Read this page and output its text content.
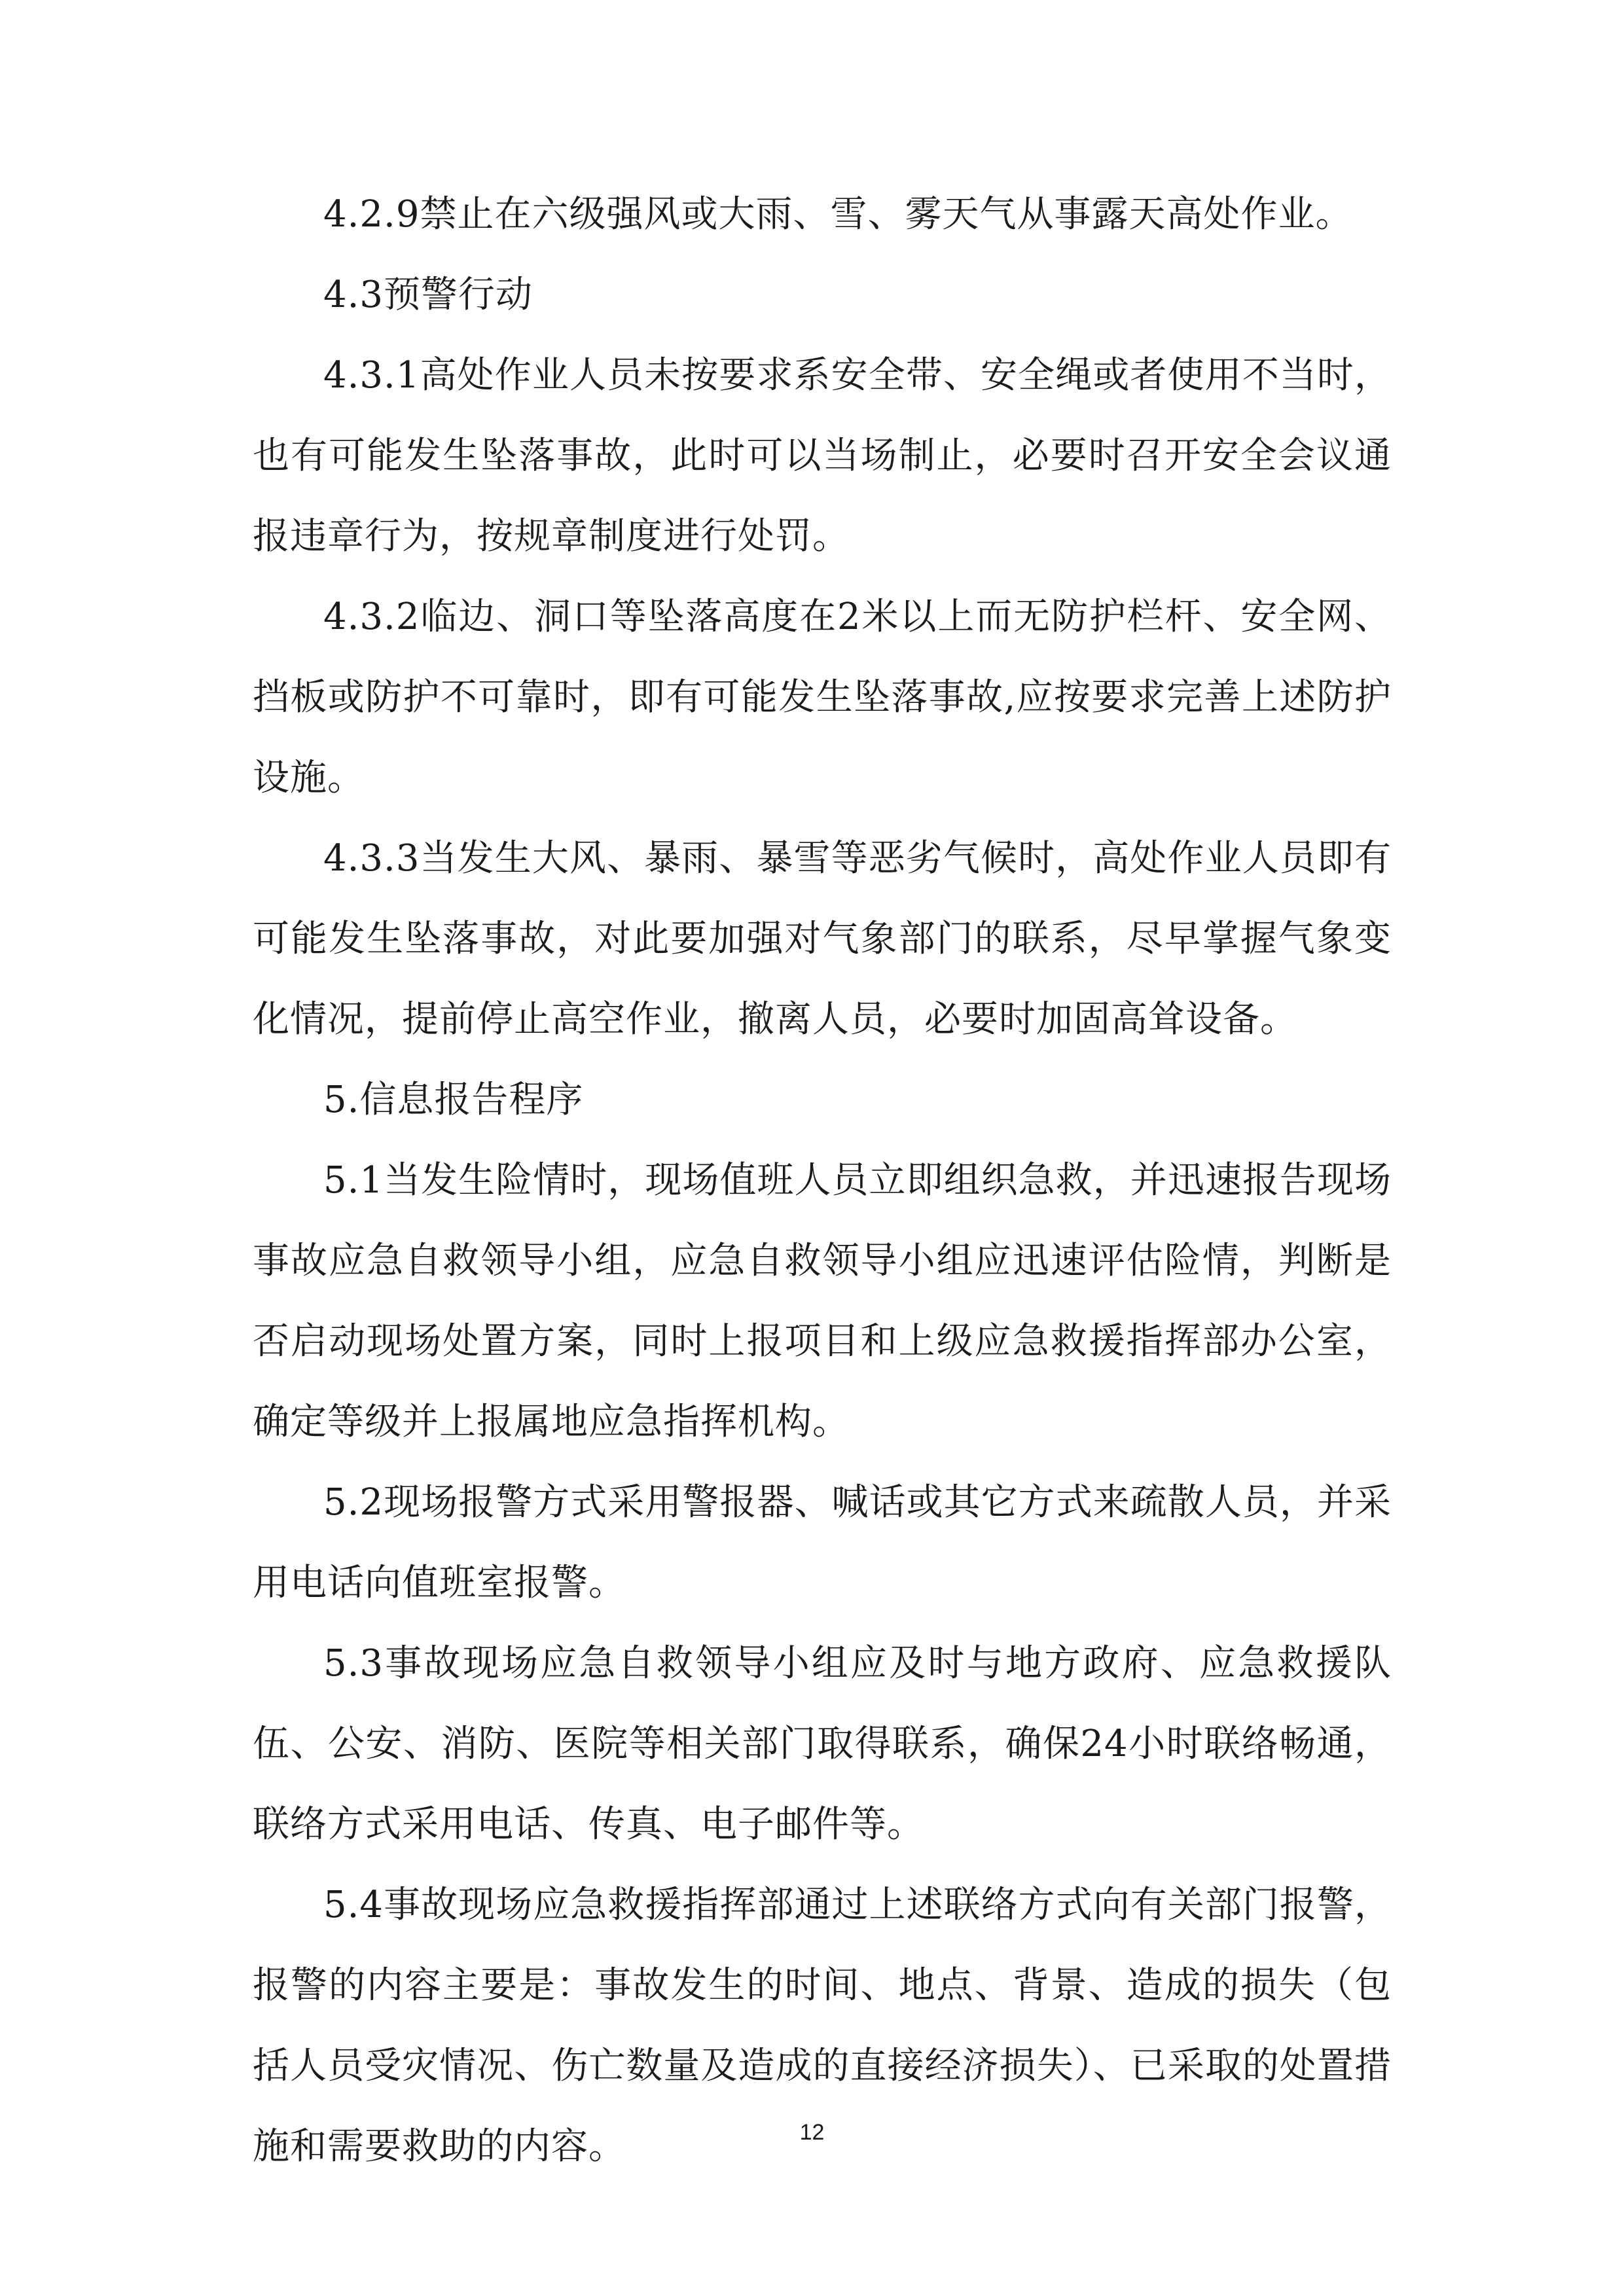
4.2.9禁止在六级强风或大雨、雪、雾天气从事露天高处作业。

4.3预警行动

4.3.1高处作业人员未按要求系安全带、安全绳或者使用不当时，也有可能发生坠落事故，此时可以当场制止，必要时召开安全会议通报违章行为，按规章制度进行处罚。

4.3.2临边、洞口等坠落高度在2米以上而无防护栏杆、安全网、挡板或防护不可靠时，即有可能发生坠落事故,应按要求完善上述防护设施。

4.3.3当发生大风、暴雨、暴雪等恶劣气候时，高处作业人员即有可能发生坠落事故，对此要加强对气象部门的联系，尽早掌握气象变化情况，提前停止高空作业，撤离人员，必要时加固高耸设备。

5.信息报告程序

5.1当发生险情时，现场值班人员立即组织急救，并迅速报告现场事故应急自救领导小组，应急自救领导小组应迅速评估险情，判断是否启动现场处置方案，同时上报项目和上级应急救援指挥部办公室，确定等级并上报属地应急指挥机构。

5.2现场报警方式采用警报器、喊话或其它方式来疏散人员，并采用电话向值班室报警。

5.3事故现场应急自救领导小组应及时与地方政府、应急救援队伍、公安、消防、医院等相关部门取得联系，确保24小时联络畅通，联络方式采用电话、传真、电子邮件等。

5.4事故现场应急救援指挥部通过上述联络方式向有关部门报警，报警的内容主要是：事故发生的时间、地点、背景、造成的损失（包括人员受灾情况、伤亡数量及造成的直接经济损失）、已采取的处置措施和需要救助的内容。	12
